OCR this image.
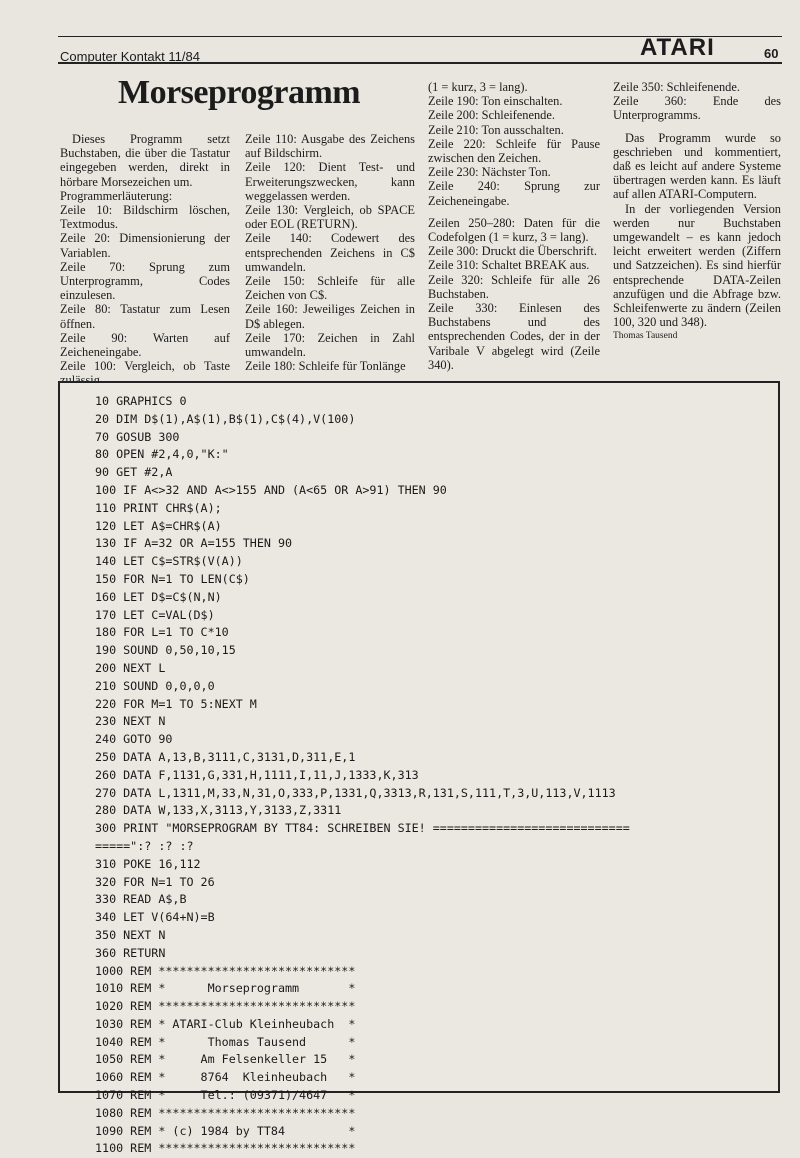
Computer Kontakt 11/84	ATARI	60
Morseprogramm

Dieses Programm setzt Buchstaben, die über die Tastatur eingegeben werden, direkt in hörbare Morsezeichen um.

Programmerläuterung:

Zeile 10: Bildschirm löschen, Textmodus.

Zeile 20: Dimensionierung der Variablen.

Zeile 70: Sprung zum Unterprogramm, Codes einzulesen.

Zeile 80: Tastatur zum Lesen öffnen.

Zeile 90: Warten auf Zeicheneingabe.

Zeile 100: Vergleich, ob Taste

Zeile 110: Ausgabe des Zeichens auf Bildschirm.

Zeile 120: Dient Test- und Erweiterungszwecken, kann weggelassen werden.

Zeile 130: Vergleich, ob SPACE oder EOL (RETURN).

Zeile 140: Codewert des entsprechenden Zeichens in C$ umwandeln.

Zeile 150: Schleife für alle Zeichen von C$.

Zeile 160: Jeweiliges Zeichen in D$ ablegen.

Zeile 170: Zeichen in Zahl umwandeln.

Zeile 180: Schleife für Tonlänge

(1 = kurz, 3 = lang).

Zeile 190: Ton einschalten.

Zeile 200: Schleifenende.

Zeile 210: Ton ausschalten.

Zeile 220: Schleife für Pause zwischen den Zeichen.

Zeile 230: Nächster Ton.

Zeile 240: Sprung zur Zeicheneingabe.

Zeilen 250–280: Daten für die Codefolgen (1 = kurz, 3 = lang).

Zeile 300: Druckt die Überschrift.

Zeile 310: Schaltet BREAK aus.

Zeile 320: Schleife für alle 26 Buchstaben.

Zeile 330: Einlesen des Buchstabens und des entsprechenden Codes, der in der Varibale V abgelegt wird (Zeile 340).

Zeile 350: Schleifenende.

Zeile 360: Ende des Unterprogramms.

Das Programm wurde so geschrieben und kommentiert, daß es leicht auf andere Systeme übertragen werden kann. Es läuft auf allen ATARI-Computern.

In der vorliegenden Version werden nur Buchstaben umgewandelt – es kann jedoch leicht erweitert werden (Ziffern und Satzzeichen). Es sind hierfür entsprechende DATA-Zeilen anzufügen und die Abfrage bzw. Schleifenwerte zu ändern (Zeilen 100, 320 und 348).

Thomas Tausend

10 GRAPHICS 0
20 DIM D$(1),A$(1),B$(1),C$(4),V(100)
70 GOSUB 300
80 OPEN #2,4,0,"K:"
90 GET #2,A
100 IF A<>32 AND A<>155 AND (A<65 OR A>91) THEN 90
110 PRINT CHR$(A);
120 LET A$=CHR$(A)
130 IF A=32 OR A=155 THEN 90
140 LET C$=STR$(V(A))
150 FOR N=1 TO LEN(C$)
160 LET D$=C$(N,N)
170 LET C=VAL(D$)
180 FOR L=1 TO C*10
190 SOUND 0,50,10,15
200 NEXT L
210 SOUND 0,0,0,0
220 FOR M=1 TO 5:NEXT M
230 NEXT N
240 GOTO 90
250 DATA A,13,B,3111,C,3131,D,311,E,1
260 DATA F,1131,G,331,H,1111,I,11,J,1333,K,313
270 DATA L,1311,M,33,N,31,O,333,P,1331,Q,3313,R,131,S,111,T,3,U,113,V,1113
280 DATA W,133,X,3113,Y,3133,Z,3311
300 PRINT "MORSEPROGRAM BY TT84: SCHREIBEN SIE! ============================
=====":? :? :?
310 POKE 16,112
320 FOR N=1 TO 26
330 READ A$,B
340 LET V(64+N)=B
350 NEXT N
360 RETURN
1000 REM ****************************
1010 REM *      Morseprogramm       *
1020 REM ****************************
1030 REM * ATARI-Club Kleinheubach  *
1040 REM *      Thomas Tausend      *
1050 REM *     Am Felsenkeller 15   *
1060 REM *     8764  Kleinheubach   *
1070 REM *     Tel.: (09371)/4647   *
1080 REM ****************************
1090 REM * (c) 1984 by TT84         *
1100 REM ****************************
